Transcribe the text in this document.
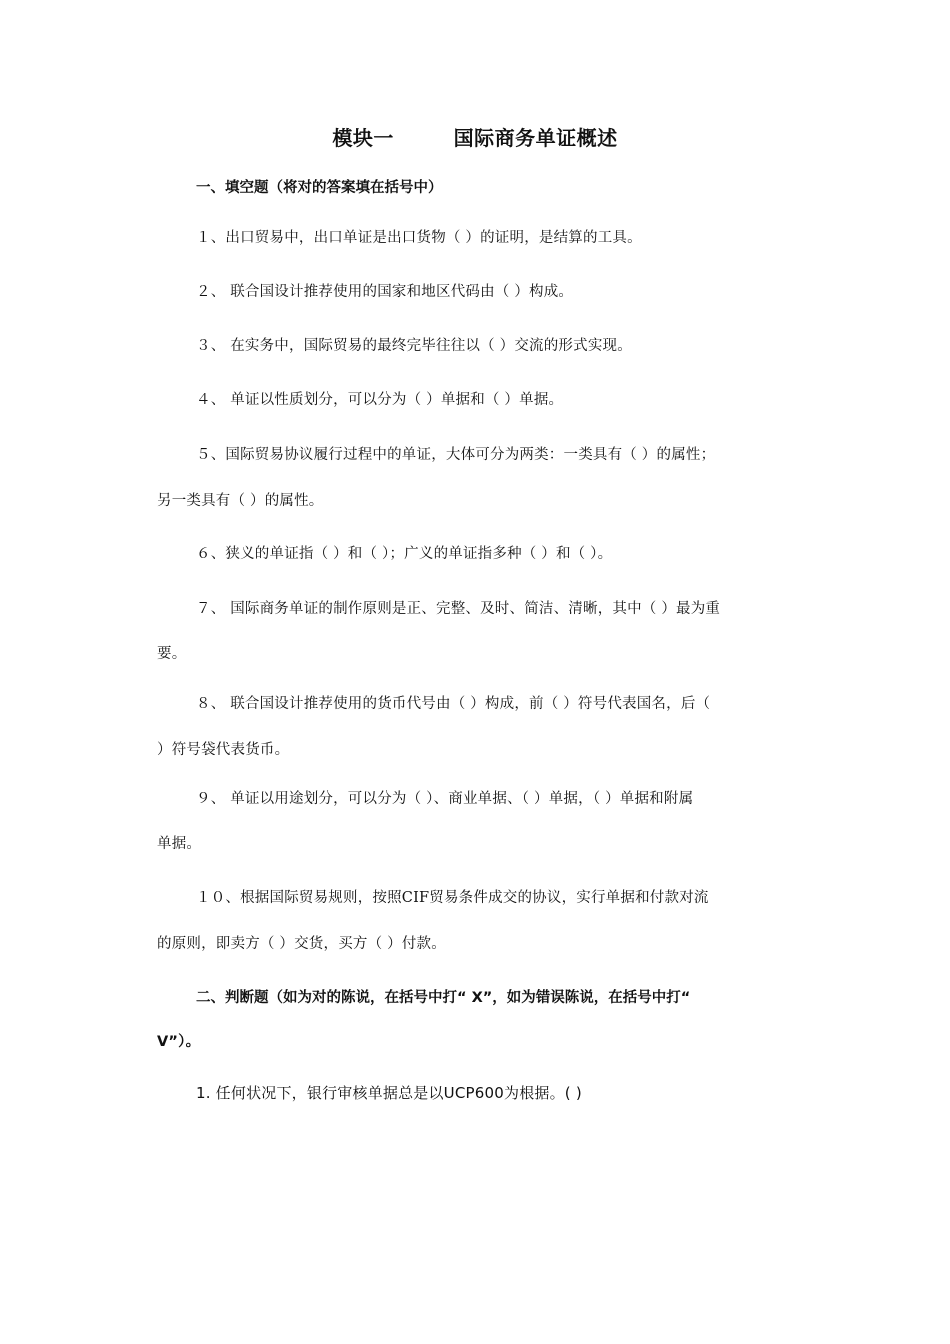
模块一        国际商务单证概述
一、填空题（将对的答案填在括号中）
１、出口贸易中，出口单证是出口货物（ ）的证明，是结算的工具。
２、 联合国设计推荐使用的国家和地区代码由（ ）构成。
３、 在实务中，国际贸易的最终完毕往往以（ ）交流的形式实现。
４、 单证以性质划分，可以分为（ ）单据和（ ）单据。
５、国际贸易协议履行过程中的单证，大体可分为两类：一类具有（ ）的属性；
另一类具有（ ）的属性。
６、狭义的单证指（ ）和（ ）；广义的单证指多种（ ）和（ ）。
７、 国际商务单证的制作原则是正、完整、及时、简洁、清晰，其中（ ）最为重
要。
８、 联合国设计推荐使用的货币代号由（ ）构成，前（ ）符号代表国名，后（
）符号袋代表货币。
９、 单证以用途划分，可以分为（ ）、商业单据、（ ）单据，（ ）单据和附属
单据。
１０、根据国际贸易规则，按照CIF贸易条件成交的协议，实行单据和付款对流
的原则，即卖方（ ）交货，买方（ ）付款。
二、判断题（如为对的陈说，在括号中打“ X”，如为错误陈说，在括号中打“
V”）。
1. 任何状况下，银行审核单据总是以UCP600为根据。( )
